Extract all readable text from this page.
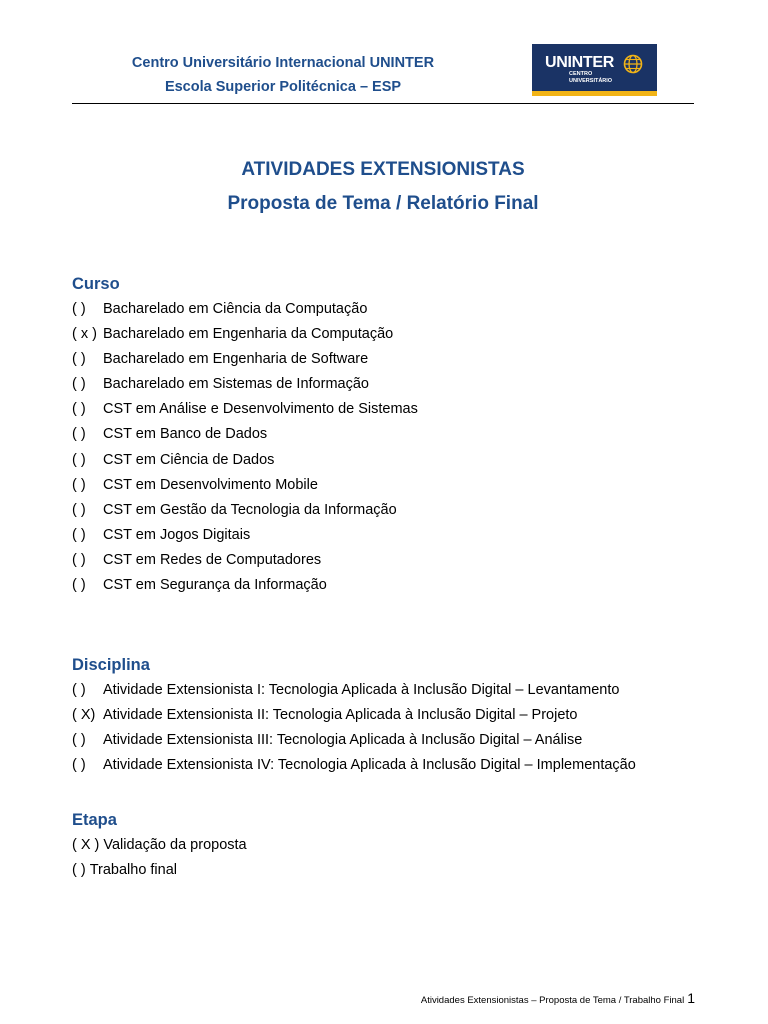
Centro Universitário Internacional UNINTER
Escola Superior Politécnica – ESP
UNINTER
CENTRO
UNIVERSITÁRIO
ATIVIDADES EXTENSIONISTAS
Proposta de Tema / Relatório Final
Curso
( )	Bacharelado em Ciência da Computação
( x ) Bacharelado em Engenharia da Computação
( )	Bacharelado em Engenharia de Software
( )	Bacharelado em Sistemas de Informação
( )	CST em Análise e Desenvolvimento de Sistemas
( )	CST em Banco de Dados
( )	CST em Ciência de Dados
( )	CST em Desenvolvimento Mobile
( )	CST em Gestão da Tecnologia da Informação
( )	CST em Jogos Digitais
( )	CST em Redes de Computadores
( )	CST em Segurança da Informação
Disciplina
( )	Atividade Extensionista I: Tecnologia Aplicada à Inclusão Digital – Levantamento
( X) Atividade Extensionista II: Tecnologia Aplicada à Inclusão Digital – Projeto
( )	Atividade Extensionista III: Tecnologia Aplicada à Inclusão Digital – Análise
( )	Atividade Extensionista IV: Tecnologia Aplicada à Inclusão Digital – Implementação
Etapa
( X ) Validação da proposta
( ) Trabalho final
Atividades Extensionistas – Proposta de Tema / Trabalho Final 1
